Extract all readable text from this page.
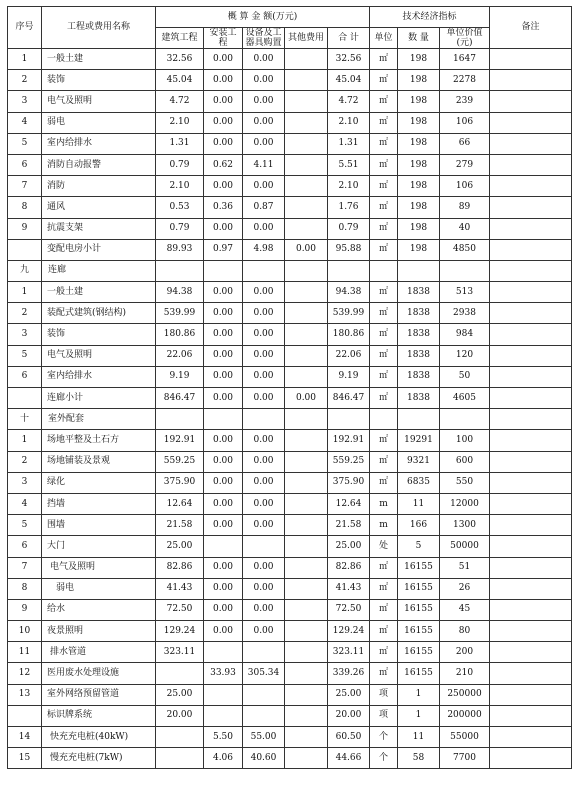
序号	工程或费用名称	概 算 金 额(万元)					技术经济指标			备注
		建筑工程	安装工程	设备及工器具购置	其他费用	合 计	单位	数 量	单位价值(元)	

1	一般土建	32.56	0.00	0.00		32.56	㎡	198	1647	
2	装饰	45.04	0.00	0.00		45.04	㎡	198	2278	
3	电气及照明	4.72	0.00	0.00		4.72	㎡	198	239	
4	弱电	2.10	0.00	0.00		2.10	㎡	198	106	
5	室内给排水	1.31	0.00	0.00		1.31	㎡	198	66	
6	消防自动报警	0.79	0.62	4.11		5.51	㎡	198	279	
7	消防	2.10	0.00	0.00		2.10	㎡	198	106	
8	通风	0.53	0.36	0.87		1.76	㎡	198	89	
9	抗震支架	0.79	0.00	0.00		0.79	㎡	198	40	
	变配电房小计	89.93	0.97	4.98	0.00	95.88	㎡	198	4850	
九	连廊									
1	一般土建	94.38	0.00	0.00		94.38	㎡	1838	513	
2	装配式建筑(钢结构)	539.99	0.00	0.00		539.99	㎡	1838	2938	
3	装饰	180.86	0.00	0.00		180.86	㎡	1838	984	
5	电气及照明	22.06	0.00	0.00		22.06	㎡	1838	120	
6	室内给排水	9.19	0.00	0.00		9.19	㎡	1838	50	
	连廊小计	846.47	0.00	0.00	0.00	846.47	㎡	1838	4605	
十	室外配套									
1	场地平整及土石方	192.91	0.00	0.00		192.91	㎡	19291	100	
2	场地铺装及景观	559.25	0.00	0.00		559.25	㎡	9321	600	
3	绿化	375.90	0.00	0.00		375.90	㎡	6835	550	
4	挡墙	12.64	0.00	0.00		12.64	m	11	12000	
5	围墙	21.58	0.00	0.00		21.58	m	166	1300	
6	大门	25.00				25.00	处	5	50000	
7	电气及照明	82.86	0.00	0.00		82.86	㎡	16155	51	
8	弱电	41.43	0.00	0.00		41.43	㎡	16155	26	
9	给水	72.50	0.00	0.00		72.50	㎡	16155	45	
10	夜景照明	129.24	0.00	0.00		129.24	㎡	16155	80	
11	排水管道	323.11				323.11	㎡	16155	200	
12	医用废水处理设施		33.93	305.34		339.26	㎡	16155	210	
13	室外网络预留管道	25.00				25.00	项	1	250000	
	标识牌系统	20.00				20.00	项	1	200000	
14	快充充电桩(40kW)		5.50	55.00		60.50	个	11	55000	
15	慢充充电桩(7kW)		4.06	40.60		44.66	个	58	7700	
